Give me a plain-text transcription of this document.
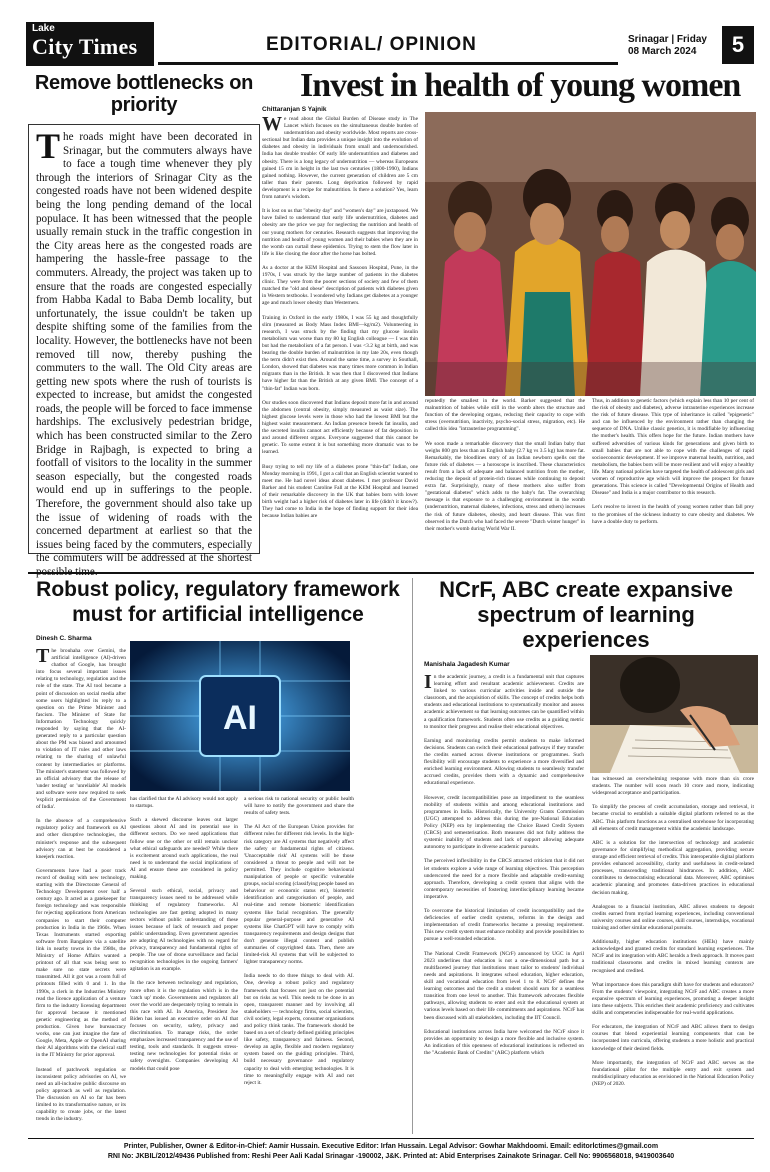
Lake
City Times	EDITORIAL/ OPINION	Srinagar | Friday
08 March 2024	5
Remove bottlenecks on priority
The roads might have been decorated in Srinagar, but the commuters always have to face a tough time whenever they ply through the interiors of Srinagar City as the congested roads have not been widened despite being the long pending demand of the local populace. It has been witnessed that the people usually remain stuck in the traffic congestion in the City areas here as the congested roads are hampering the hassle-free passage to the commuters. Already, the project was taken up to ensure that the roads are congested especially from Habba Kadal to Baba Demb locality, but unfortunately, the issue couldn't be taken up despite shifting some of the families from the locality. However, the bottlenecks have not been removed till now, thereby pushing the commuters to the wall. The Old City areas are getting new spots where the rush of tourists is expected to increase, but amidst the congested roads, the people will be forced to face immense hardships. The exclusively pedestrian bridge, which has been constructed similar to the Zero Bridge in Rajbagh, is expected to bring a footfall of visitors to the locality in the summer season especially, but the congested roads would end up in sufferings to the people. Therefore, the government should also take up the issue of widening of roads with the concerned department at earliest so that the issues being faced by the commuters, especially the commuters will be addressed at the shortest
Invest in health of young women
Chittaranjan S Yajnik
We read about the Global Burden of Disease study in The Lancet which focuses on the simultaneous double burden of undernutrition and obesity worldwide. Most reports are cross-sectional but Indian data provides a unique insight into the evolution of diabetes and obesity in individuals from small and undernourished. India has double trouble: Of early life undernutrition and diabetes and obesity. There is a long legacy of undernutrition — whereas Europeans gained 15 cm in height in the last two centuries (1800-1990), Indians gained nothing. However, the current generation of children are 5 cm taller than their parents. Long deprivation followed by rapid development is a recipe for malnutrition. Is there a solution? Yes, learn from nature's wisdom.

It is lost on us that "obesity day" and "women's day" are juxtaposed. We have failed to understand that early life undernutrition, diabetes and obesity are the price we pay for neglecting the nutrition and health of our young mothers for centuries. Research suggests that improving the nutrition and health of young women and their babies when they are in the womb can curtail these epidemics. Trying to stem the flow later in life is like closing the door after the horse has bolted.

As a doctor at the KEM Hospital and Sassoon Hospital, Pune, in the 1970s, I was struck by the large number of patients in the diabetes clinic. They were from the poorer sections of society and few of them matched the "old and obese" description of patients with diabetes given in Western textbooks. I wondered why Indians get diabetes at a younger age and much lower obesity than Westerners.

Training in Oxford in the early 1980s, I was 55 kg and thoughtfully slim (measured as Body Mass Index BMI—kg/m2). Volunteering in research, I was struck by the finding that my glucose insulin metabolism was worse than my 80 kg English colleague — I was thin but had the metabolism of a fat person. I was <3.2 kg at birth, and was bearing the double burden of malnutrition in my late 20s, even though the term didn't exist then. Around the same time, a survey in Southall, London, showed that diabetes was many times more common in Indian migrants than in the British. It was then that I discovered that Indians have higher fat than the British at any given BMI. The concept of a "thin-fat" Indian was born.

Our studies soon discovered that Indians deposit more fat in and around the abdomen (central obesity, simply measured as waist size). The highest glucose levels were in those who had the lowest BMI but the highest waist measurement. An Indian presence breeds fat insulin, and the secreted insulin cannot act efficiently because of fat deposition in and around different organs. Everyone suggested that this cannot be genetic. To some extent it is but something more dramatic was to be learned.

Busy trying to tell my life of a diabetes prone "thin-fat" Indian, one Monday morning in 1991, I got a call that an English scientist wanted to meet me. He had novel ideas about diabetes. I met professor David Barker and his student Caroline Fall at the KEM Hospital and learned of their remarkable discovery in the UK that babies born with lower birth weight had a higher risk of diabetes later in life (didn't it know?). They had come to India in the hope of finding support for their idea because Indian babies are
reputedly the smallest in the world. Barker suggested that the malnutrition of babies while still in the womb alters the structure and function of the developing organs, reducing their capacity to cope with stress (overnutrition, inactivity, psycho-social stress, migration, etc). He called this idea "intrauterine programming".

We soon made a remarkable discovery that the small Indian baby that weighs 800 gm less than an English baby (2.7 kg vs 3.5 kg) has more fat. Remarkably, the bloodlines story of an Indian newborn spells out the future risk of diabetes — a horoscope is inscribed. These characteristics result from a lack of adequate and balanced nutrition from the mother, reducing the deposit of protein-rich tissues while continuing to deposit extra fat. Surprisingly, many of these mothers also suffer from "gestational diabetes" which adds to the baby's fat. The overarching message is that exposure to a challenging environment in the womb (undernutrition, maternal diabetes, infections, stress and others) increases the risk of future diabetes, obesity, and heart disease. This was first observed in the Dutch who had faced the severe "Dutch winter hunger" in their mother's womb during World War II.
Thus, in addition to genetic factors (which explain less than 10 per cent of the risk of obesity and diabetes), adverse intrauterine experiences increase the risk of future disease. This type of inheritance is called "epigenetic" and can be influenced by the environment rather than changing the sequence of DNA. Unlike classic genetics, it is modifiable by influencing the mother's health. This offers hope for the future. Indian mothers have suffered adversities of various kinds for generations and given birth to small babies that are not able to cope with the challenges of rapid socioeconomic development. If we improve maternal health, nutrition, and metabolism, the babies born will be more resilient and will enjoy a healthy life. Many national policies have targeted the health of adolescent girls and women of reproductive age which will improve the prospect for future generations. This science is called "Developmental Origins of Health and Disease" and India is a major contributor to this research.

Let's resolve to invest in the health of young women rather than fall prey to the promises of the sickness industry to cure obesity and diabetes. We have a double duty to perform.
Robust policy, regulatory framework must for artificial intelligence
Dinesh C. Sharma
The brouhaha over Gemini, the artificial intelligence (AI)-driven chatbot of Google, has brought into focus several important issues relating to technology, regulation and the role of the state. The AI tool became a point of discussion on social media after some users highlighted its reply to a question on the Prime Minister and fascism. The Minister of State for Information Technology quickly responded by saying that the AI-generated reply to a particular question about the PM was biased and amounted to violation of IT rules and other laws relating to the sharing of unlawful content by intermediaries or platforms. The minister's statement was followed by an official advisory that the release of 'under testing' or 'unreliable' AI models and software were now required to seek 'explicit permission of the Government of India'.

In the absence of a comprehensive regulatory policy and framework on AI and other disruptive technologies, the minister's response and the subsequent advisory can at best be considered a kneejerk reaction.

Governments have had a poor track record of dealing with new technology, starting with the Directorate General of Technology Development over half a century ago. It acted as a gatekeeper for foreign technology and was responsible for rejecting applications from American companies to start their computer production in India in the 1960s. When Texas Instruments started exporting software from Bangalore via a satellite link in nearby towns in the 1980s, the Ministry of Home Affairs wanted a printout of all that was being sent to make sure no state secrets were transmitted. All it got was a room full of printouts filled with 0 and 1. In the 1990s, a clerk in the Industries Ministry read the licence application of a venture firm to the industry licensing department for approval because it mentioned genetic engineering as the method of production. Given how bureaucracy works, one can just imagine the fate of Google, Meta, Apple or OpenAI sharing their AI algorithms with the clerical staff in the IT Ministry for prior approval.

Instead of patchwork regulation or inconsistent policy advisories on AI, we need an all-inclusive public discourse on policy approach as well as regulation. The discussion on AI so far has been limited to its transformative nature, or its capability to create jobs, or the latest trends in the industry.
AI
has clarified that the AI advisory would not apply to startups.

Such a skewed discourse leaves out larger questions about AI and its potential use in different sectors. Do we need applications that follow one or the other or still remain unclear what ethical safeguards are needed? While there is excitement around such applications, the real need is to understand the social implications of AI and ensure these are considered in policy making.

Several such ethical, social, privacy and transparency issues need to be addressed while thinking of regulatory frameworks. AI technologies are fast getting adopted in many sectors without public understanding of these issues because of lack of research and proper public understanding. Even government agencies are adopting AI technologies with no regard for privacy, transparency and fundamental rights of people. The use of drone surveillance and facial recognition technologies in the ongoing farmers' agitation is an example.

In the race between technology and regulation, more often it is the regulation which is in the 'catch up' mode. Governments and regulators all over the world are desperately trying to remain in this race with AI. In America, President Joe Biden has issued an executive order on AI that focuses on security, safety, privacy and discrimination. To manage risks, the order emphasizes increased transparency and the use of testing, tools and standards. It suggests stress-testing new technologies for potential risks or safety oversights. Companies developing AI models that could pose
a serious risk to national security or public health will have to notify the government and share the results of safety tests.

The AI Act of the European Union provides for different rules for different risk levels. In the high-risk category are AI systems that negatively affect the safety or fundamental rights of citizens. 'Unacceptable risk' AI systems will be those considered a threat to people and will not be permitted. They include cognitive behavioural manipulation of people or specific vulnerable groups, social scoring (classifying people based on behaviour or economic status etc), biometric identification and categorisation of people, and real-time and remote biometric identification systems like facial recognition. The generally popular general-purpose and generative AI systems like ChatGPT will have to comply with transparency requirements and design designs that don't generate illegal content and publish summaries of copyrighted data. Then, there are limited-risk AI systems that will be subjected to lighter transparency norms.

India needs to do three things to deal with AI. One, develop a robust policy and regulatory framework that focuses not just on the potential but on risks as well. This needs to be done in an open, transparent manner and by involving all stakeholders — technology firms, social scientists, civil society, legal experts, consumer organisations and policy think tanks. The framework should be based on a set of clearly defined guiding principles like safety, transparency and fairness. Second, develop an agile, flexible and modern regulatory system based on the guiding principles. Third, build necessary governance and regulatory capacity to deal with emerging technologies. It is time to meaningfully engage with AI and not reject it.
NCrF, ABC create expansive spectrum of learning experiences
Manishala Jagadesh Kumar
In the academic journey, a credit is a fundamental unit that captures learning effort and resultant academic achievement. Credits are linked to various curricular activities inside and outside the classroom, and the acquisition of skills. The concept of credits helps both students and educational institutions to systematically monitor and assess academic achievement so that learning outcomes can be quantified within a qualification framework. Students often use credits as a guiding metric to monitor their progress and realise their educational objectives.

Earning and monitoring credits permit students to make informed decisions. Students can switch their educational pathways if they transfer the credits earned across diverse institutions or programmes. Such flexibility will encourage students to experience a more diversified and enriched learning environment. Allowing students to seamlessly transfer accrued credits, provides them with a dynamic and comprehensive educational experience.

However, credit incompatibilities pose an impediment to the seamless mobility of students within and among educational institutions and programmes in India. Historically, the University Grants Commission (UGC) attempted to address this during the pre-National Education Policy (NEP) era by implementing the Choice Based Credit System (CBCS) and semesterisation. Both measures did not fully address the systemic inability of students and lack of support allowing adequate autonomy to participate in diverse academic pursuits.

The perceived inflexibility in the CBCS attracted criticism that it did not let students explore a wide range of learning objectives. This perception underscored the need for a more flexible and adaptable credit-earning approach. Therefore, developing a credit system that aligns with the contemporary necessities of fostering interdisciplinary learning became imperative.

To overcome the historical limitation of credit incompatibility and the deficiencies of earlier credit systems, reforms in the design and implementation of credit frameworks became a pressing requirement. This new credit system must enhance mobility and provide possibilities to pursue a well-rounded education.

The National Credit Framework (NCrF) announced by UGC in April 2023 underlines that education is not a one-dimensional path but a multifaceted journey that institutions must tailor to students' individual needs and aspirations. It integrates school education, higher education, skill and vocational education from level 1 to 8. NCrF defines the learning outcomes and the credit a student should earn for a seamless transition from one level to another. This framework advocates flexible pathways, allowing students to enter and exit the educational system at various levels based on their life commitments and aspirations. NCrF has been discussed with all stakeholders, including the IIT Council.

Educational institutions across India have welcomed the NCrF since it provides an opportunity to design a more flexible and inclusive system. An indication of this openness of educational institutions is reflected on the "Academic Bank of Credits" (ABC) platform which
has witnessed an overwhelming response with more than six crore students. The number will soon reach 10 crore and more, indicating widespread acceptance and participation.

To simplify the process of credit accumulation, storage and retrieval, it became crucial to establish a suitable digital platform referred to as the ABC. This platform functions as a centralised storehouse for incorporating all elements of credit management within the academic landscape.

ABC is a solution for the intersection of technology and academic governance for simplifying methodical aggregation, providing secure storage and efficient retrieval of credits. This interoperable digital platform provides enhanced accessibility, clarity and usefulness in credit-related processes, transcending traditional hindrances. In addition, ABC contributes to democratising educational data. Moreover, ABC optimises academic planning and promotes data-driven practices in educational decision making.

Analogous to a financial institution, ABC allows students to deposit credits earned from myriad learning experiences, including conventional university courses and online courses, skill courses, internships, vocational training and other similar educational pursuits.

Additionally, higher education institutions (HEIs) have mainly acknowledged and granted credits for standard learning experiences. The NCrF and its integration with ABC heralds a fresh approach. It moves past traditional classrooms and credits in mixed learning contexts are recognised and credited.

What importance does this paradigm shift have for students and educators? From the students' viewpoint, integrating NCrF and ABC creates a more expansive spectrum of learning experiences, promoting a deeper insight into these subjects. This enriches their academic proficiency and cultivates skills and competencies indispensable for real-world applications.

For educators, the integration of NCrF and ABC allows them to design courses that blend experiential learning components that can be incorporated into curricula, offering students a more holistic and practical knowledge of their desired fields.

More importantly, the integration of NCrF and ABC serves as the foundational pillar for the multiple entry and exit system and multidisciplinary education as envisioned in the National Education Policy (NEP) of 2020.
Printer, Publisher, Owner & Editor-in-Chief: Aamir Hussain. Executive Editor: Irfan Hussain. Legal Advisor: Gowhar Makhdoomi. Email: editorlctimes@gmail.com
RNI No: JKBIL/2012/49436 Published from: Reshi Peer Aali Kadal Srinagar -190002, J&K. Printed at: Abid Enterprises Zainakote Srinagar. Cell No: 9906568018, 9419003640
